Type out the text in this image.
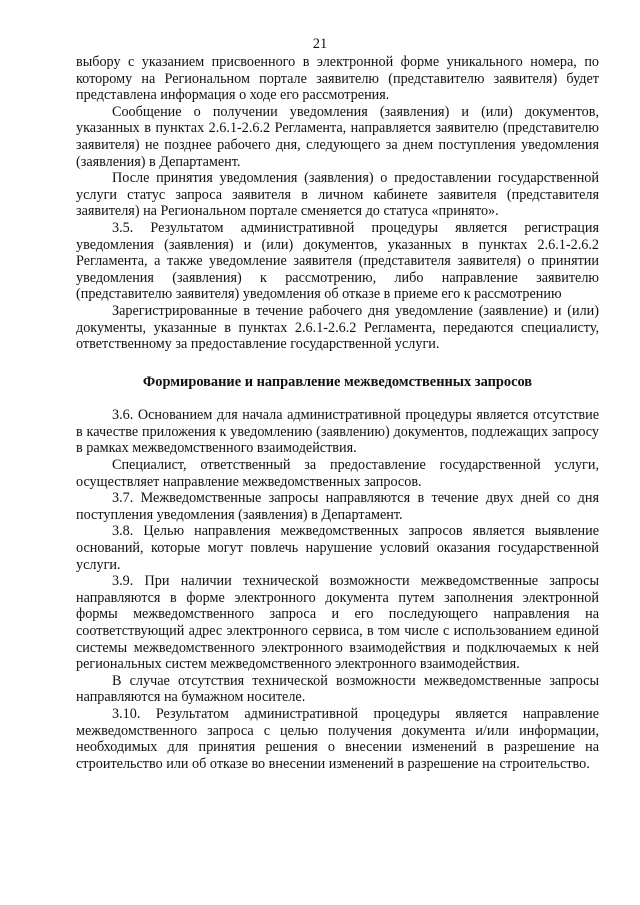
21

выбору с указанием присвоенного в электронной форме уникального номера, по которому на Региональном портале заявителю (представителю заявителя) будет представлена информация о ходе его рассмотрения.

Сообщение о получении уведомления (заявления) и (или) документов, указанных в пунктах 2.6.1-2.6.2 Регламента, направляется заявителю (представителю заявителя) не позднее рабочего дня, следующего за днем поступления уведомления (заявления) в Департамент.

После принятия уведомления (заявления) о предоставлении государственной услуги статус запроса заявителя в личном кабинете заявителя (представителя заявителя) на Региональном портале сменяется до статуса «принято».

3.5. Результатом административной процедуры является регистрация уведомления (заявления) и (или) документов, указанных в пунктах 2.6.1-2.6.2 Регламента, а также уведомление заявителя (представителя заявителя) о принятии уведомления (заявления) к рассмотрению, либо направление заявителю (представителю заявителя) уведомления об отказе в приеме его к рассмотрению

Зарегистрированные в течение рабочего дня уведомление (заявление) и (или) документы, указанные в пунктах 2.6.1-2.6.2 Регламента, передаются специалисту, ответственному за предоставление государственной услуги.

Формирование и направление межведомственных запросов

3.6. Основанием для начала административной процедуры является отсутствие в качестве приложения к уведомлению (заявлению) документов, подлежащих запросу в рамках межведомственного взаимодействия.

Специалист, ответственный за предоставление государственной услуги, осуществляет направление межведомственных запросов.

3.7. Межведомственные запросы направляются в течение двух дней со дня поступления уведомления (заявления) в Департамент.

3.8. Целью направления межведомственных запросов является выявление оснований, которые могут повлечь нарушение условий оказания государственной услуги.

3.9. При наличии технической возможности межведомственные запросы направляются в форме электронного документа путем заполнения электронной формы межведомственного запроса и его последующего направления на соответствующий адрес электронного сервиса, в том числе с использованием единой системы межведомственного электронного взаимодействия и подключаемых к ней региональных систем межведомственного электронного взаимодействия.

В случае отсутствия технической возможности межведомственные запросы направляются на бумажном носителе.

3.10. Результатом административной процедуры является направление межведомственного запроса с целью получения документа и/или информации, необходимых для принятия решения о внесении изменений в разрешение на строительство или об отказе во внесении изменений в разрешение на строительство.
